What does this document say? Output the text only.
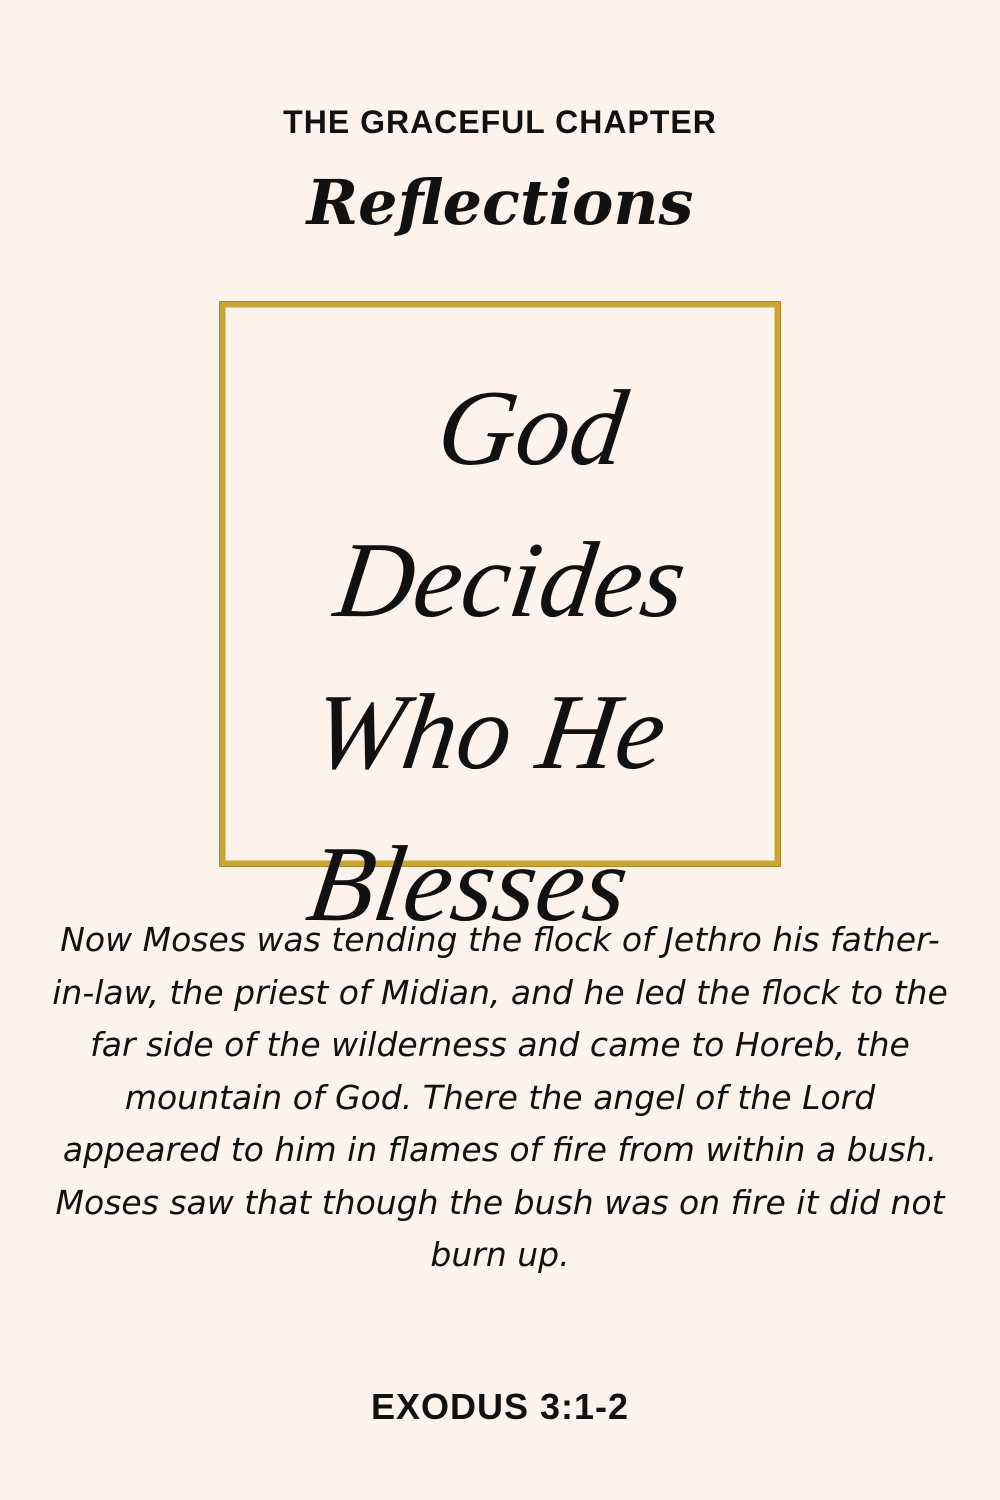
THE GRACEFUL CHAPTER
Reflections
God Decides
Who He
Blesses
Now Moses was tending the flock of Jethro his father-in-law, the priest of Midian, and he led the flock to the far side of the wilderness and came to Horeb, the mountain of God. There the angel of the Lord appeared to him in flames of fire from within a bush. Moses saw that though the bush was on fire it did not burn up.
EXODUS 3:1-2
